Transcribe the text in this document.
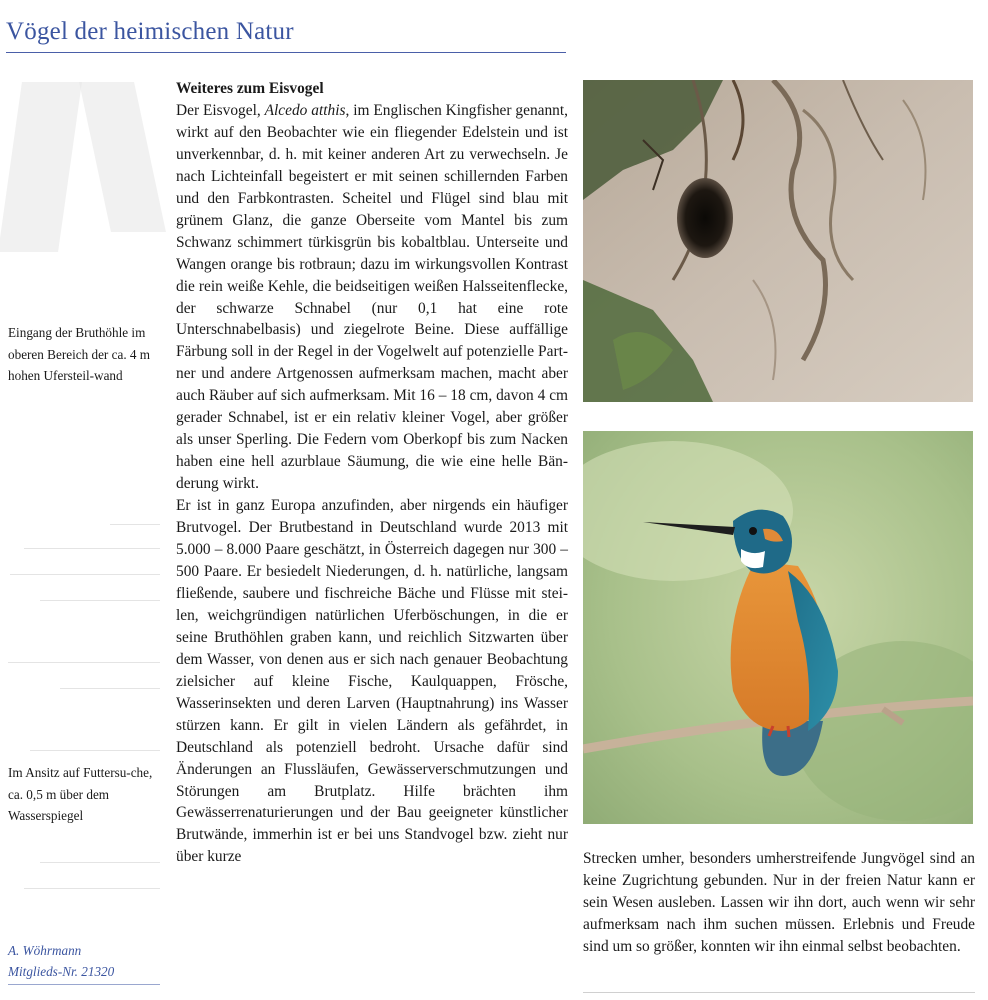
Vögel der heimischen Natur
Eingang der Bruthöhle im oberen Bereich der ca. 4 m hohen Ufersteil-wand
Im Ansitz auf Futtersu-che, ca. 0,5 m über dem Wasserspiegel
A. Wöhrmann
Mitglieds-Nr. 21320
Weiteres zum Eisvogel

Der Eisvogel, Alcedo atthis, im Englischen Kingfisher genannt, wirkt auf den Beobachter wie ein fliegender Edelstein und ist unverkennbar, d. h. mit keiner anderen Art zu verwechseln. Je nach Lichteinfall begeistert er mit seinen schillernden Farben und den Farbkontrasten. Scheitel und Flügel sind blau mit grünem Glanz, die ganze Oberseite vom Mantel bis zum Schwanz schimmert türkisgrün bis kobaltblau. Unterseite und Wangen orange bis rotbraun; dazu im wirkungsvollen Kontrast die rein weiße Kehle, die beidseitigen weißen Halsseitenflecke, der schwarze Schnabel (nur 0,1 hat eine rote Unterschnabelbasis) und ziegelrote Beine. Diese auffällige Färbung soll in der Regel in der Vogelwelt auf potenzielle Partner und andere Artgenossen aufmerksam machen, macht aber auch Räuber auf sich aufmerksam. Mit 16 – 18 cm, davon 4 cm gerader Schnabel, ist er ein relativ kleiner Vogel, aber größer als unser Sperling. Die Federn vom Oberkopf bis zum Nacken haben eine hell azurblaue Säumung, die wie eine helle Bänderung wirkt.

Er ist in ganz Europa anzufinden, aber nirgends ein häufiger Brutvogel. Der Brutbestand in Deutschland wurde 2013 mit 5.000 – 8.000 Paare geschätzt, in Österreich dagegen nur 300 – 500 Paare. Er besiedelt Niederungen, d. h. natürliche, langsam fließende, saubere und fischreiche Bäche und Flüsse mit steilen, weichgründigen natürlichen Uferböschungen, in die er seine Bruthöhlen graben kann, und reichlich Sitzwarten über dem Wasser, von denen aus er sich nach genauer Beobachtung zielsicher auf kleine Fische, Kaulquappen, Frösche, Wasserinsekten und deren Larven (Hauptnahrung) ins Wasser stürzen kann. Er gilt in vielen Ländern als gefährdet, in Deutschland als potenziell bedroht. Ursache dafür sind Änderungen an Flussläufen, Gewässerverschmutzungen und Störungen am Brutplatz. Hilfe brächten ihm Gewässerrenaturierungen und der Bau geeigneter künstlicher Brutwände, immerhin ist er bei uns Standvogel bzw. zieht nur über kurze	Strecken umher, besonders umherstreifende Jungvögel sind an keine Zugrichtung gebunden. Nur in der freien Natur kann er sein Wesen ausleben. Lassen wir ihn dort, auch wenn wir sehr aufmerksam nach ihm suchen müssen. Erlebnis und Freude sind um so größer, konnten wir ihn einmal selbst beobachten.
